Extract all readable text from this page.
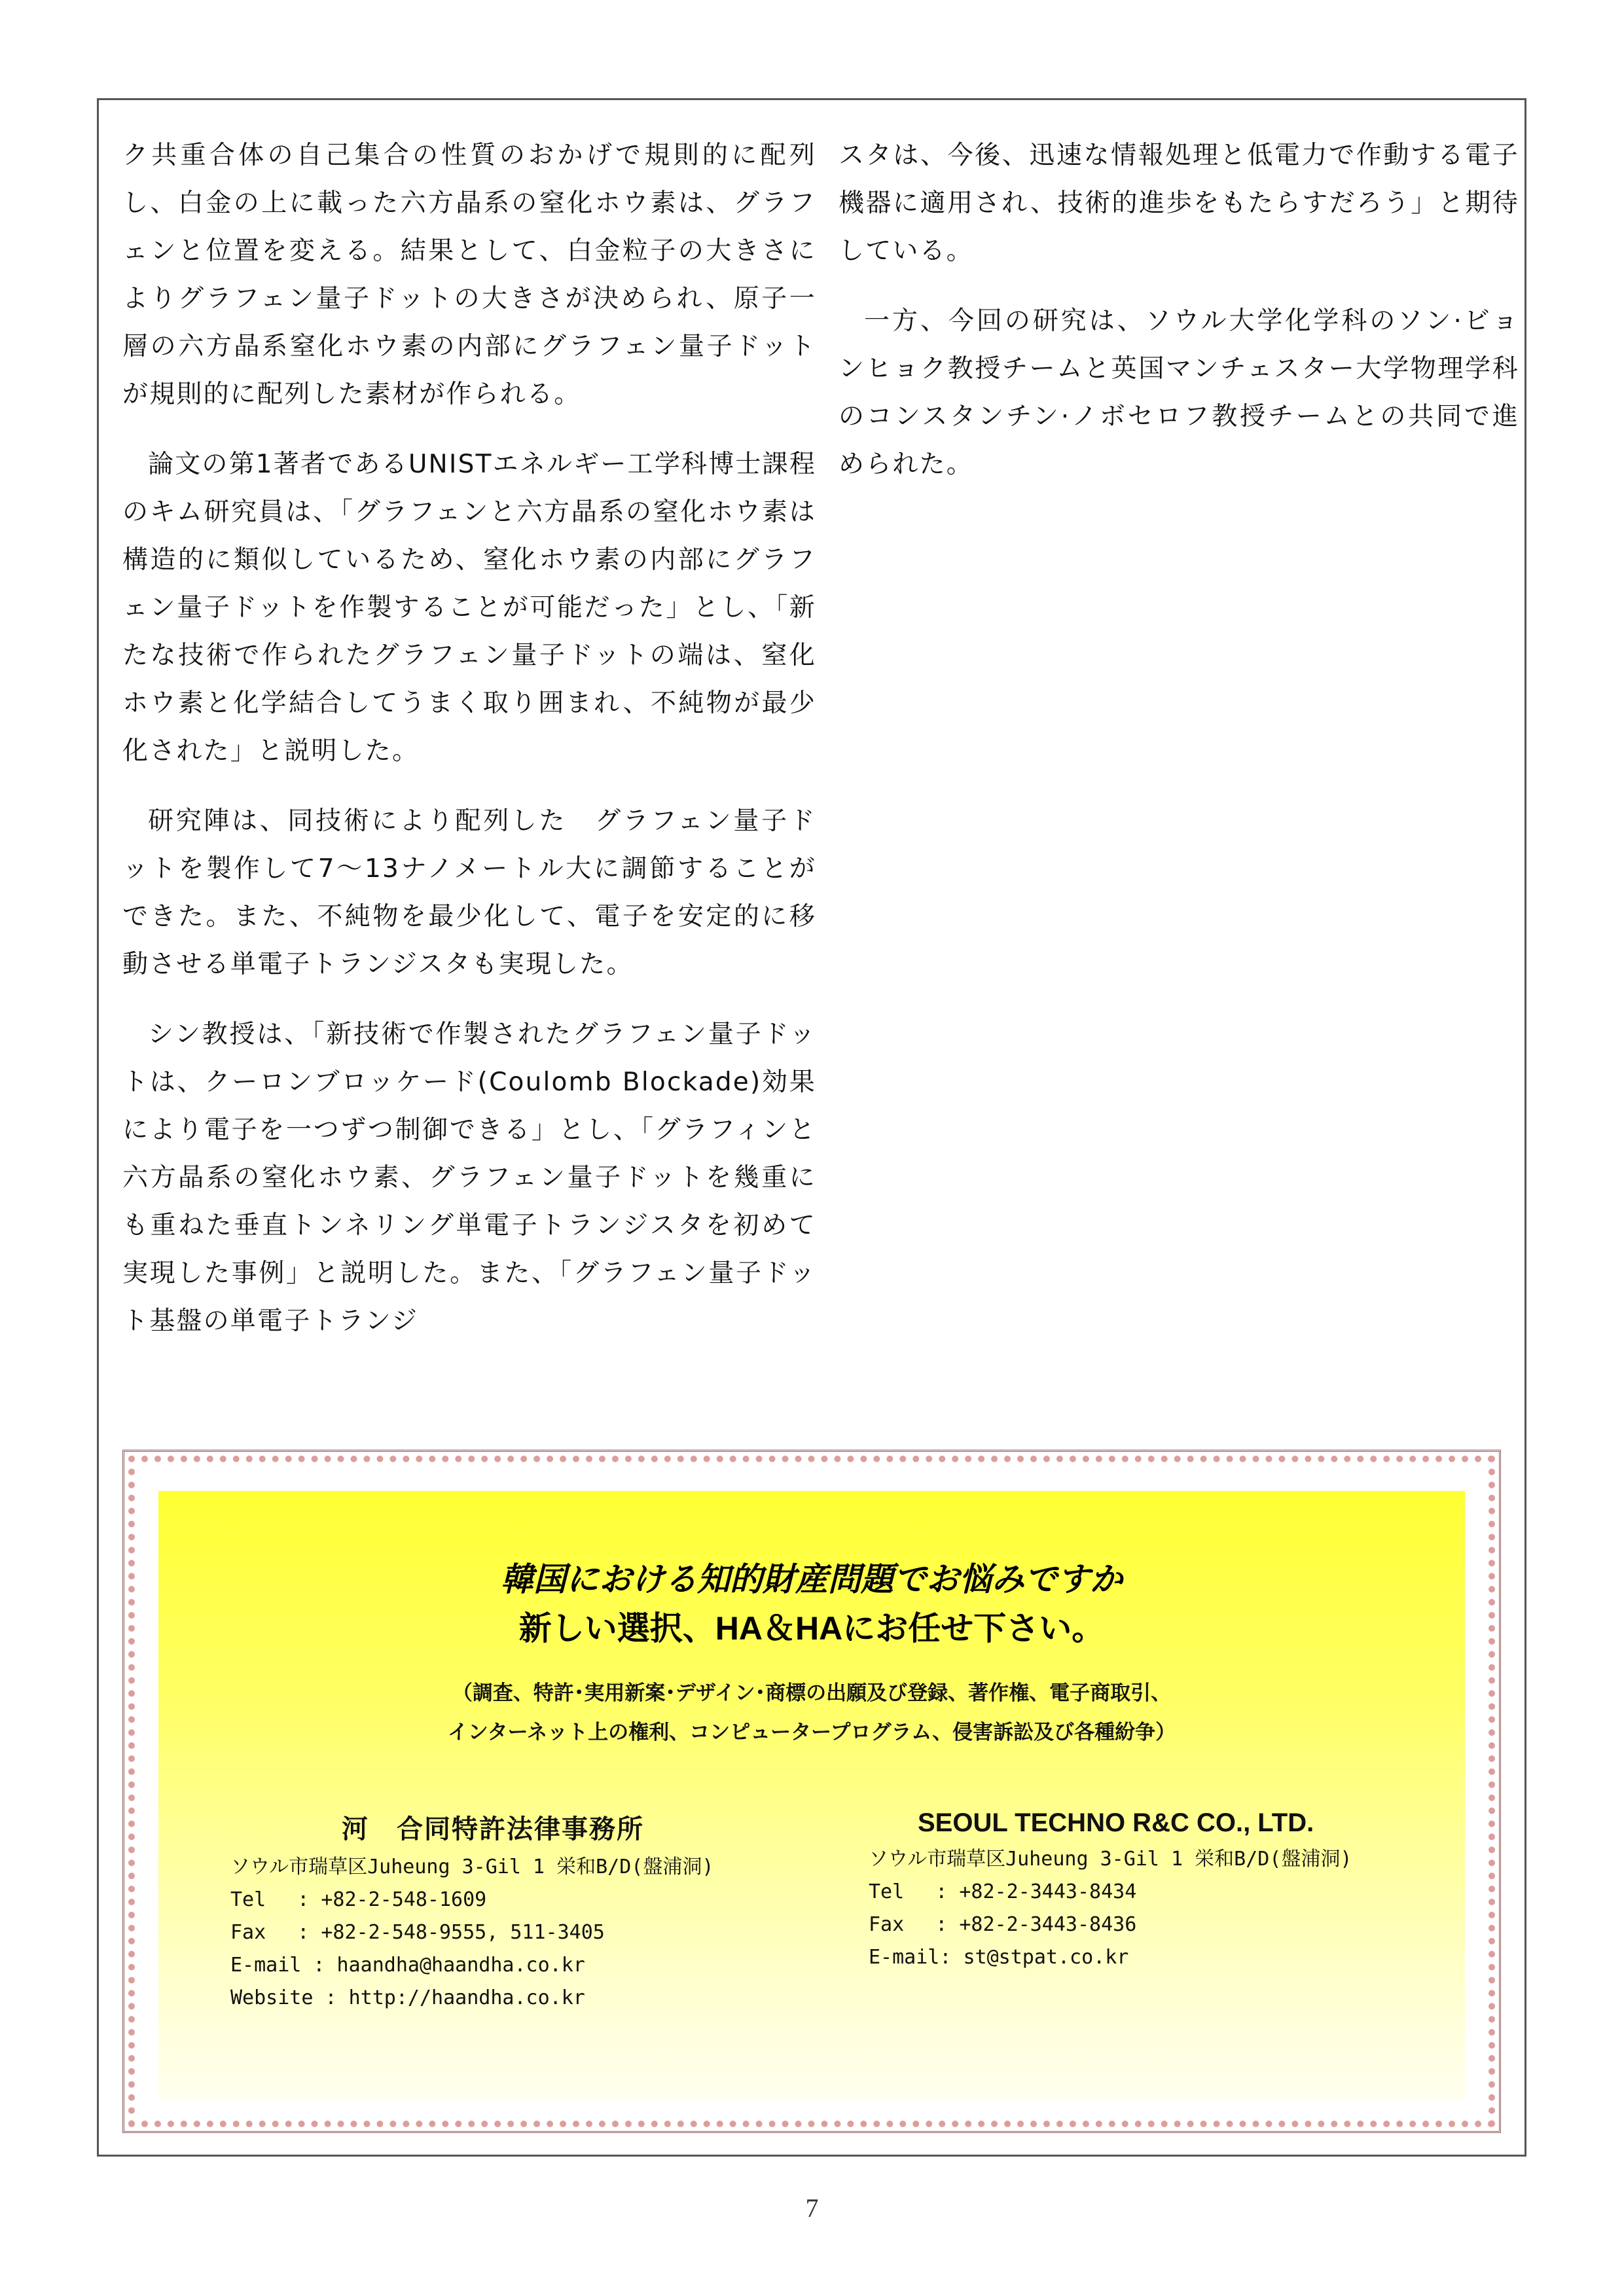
ク共重合体の自己集合の性質のおかげで規則的に配列し、白金の上に載った六方晶系の窒化ホウ素は、グラフェンと位置を変える。結果として、白金粒子の大きさによりグラフェン量子ドットの大きさが決められ、原子一層の六方晶系窒化ホウ素の内部にグラフェン量子ドットが規則的に配列した素材が作られる。

論文の第1著者であるUNISTエネルギー工学科博士課程のキム研究員は、「グラフェンと六方晶系の窒化ホウ素は構造的に類似しているため、窒化ホウ素の内部にグラフェン量子ドットを作製することが可能だった」とし、「新たな技術で作られたグラフェン量子ドットの端は、窒化ホウ素と化学結合してうまく取り囲まれ、不純物が最少化された」と説明した。

研究陣は、同技術により配列した　グラフェン量子ドットを製作して7～13ナノメートル大に調節することができた。また、不純物を最少化して、電子を安定的に移動させる単電子トランジスタも実現した。

シン教授は、「新技術で作製されたグラフェン量子ドットは、クーロンブロッケード(Coulomb Blockade)効果により電子を一つずつ制御できる」とし、「グラフィンと六方晶系の窒化ホウ素、グラフェン量子ドットを幾重にも重ねた垂直トンネリング単電子トランジスタを初めて実現した事例」と説明した。また、「グラフェン量子ドット基盤の単電子トランジ

スタは、今後、迅速な情報処理と低電力で作動する電子機器に適用され、技術的進歩をもたらすだろう」と期待している。

一方、今回の研究は、ソウル大学化学科のソン·ビョンヒョク教授チームと英国マンチェスター大学物理学科のコンスタンチン·ノボセロフ教授チームとの共同で進められた。

韓国における知的財産問題でお悩みですか
新しい選択、HA＆HAにお任せ下さい。
（調査、特許･実用新案･デザイン･商標の出願及び登録、著作権、電子商取引、
インターネット上の権利、コンピュータープログラム、侵害訴訟及び各種紛争）
河　合同特許法律事務所
ソウル市瑞草区Juheung 3-Gil 1 栄和B/D(盤浦洞)
Tel　 : +82-2-548-1609
Fax　 : +82-2-548-9555, 511-3405
E-mail : haandha@haandha.co.kr
Website : http://haandha.co.kr
SEOUL TECHNO R&C CO., LTD.
ソウル市瑞草区Juheung 3-Gil 1 栄和B/D(盤浦洞)
Tel　 : +82-2-3443-8434
Fax　 : +82-2-3443-8436
E-mail: st@stpat.co.kr
7
